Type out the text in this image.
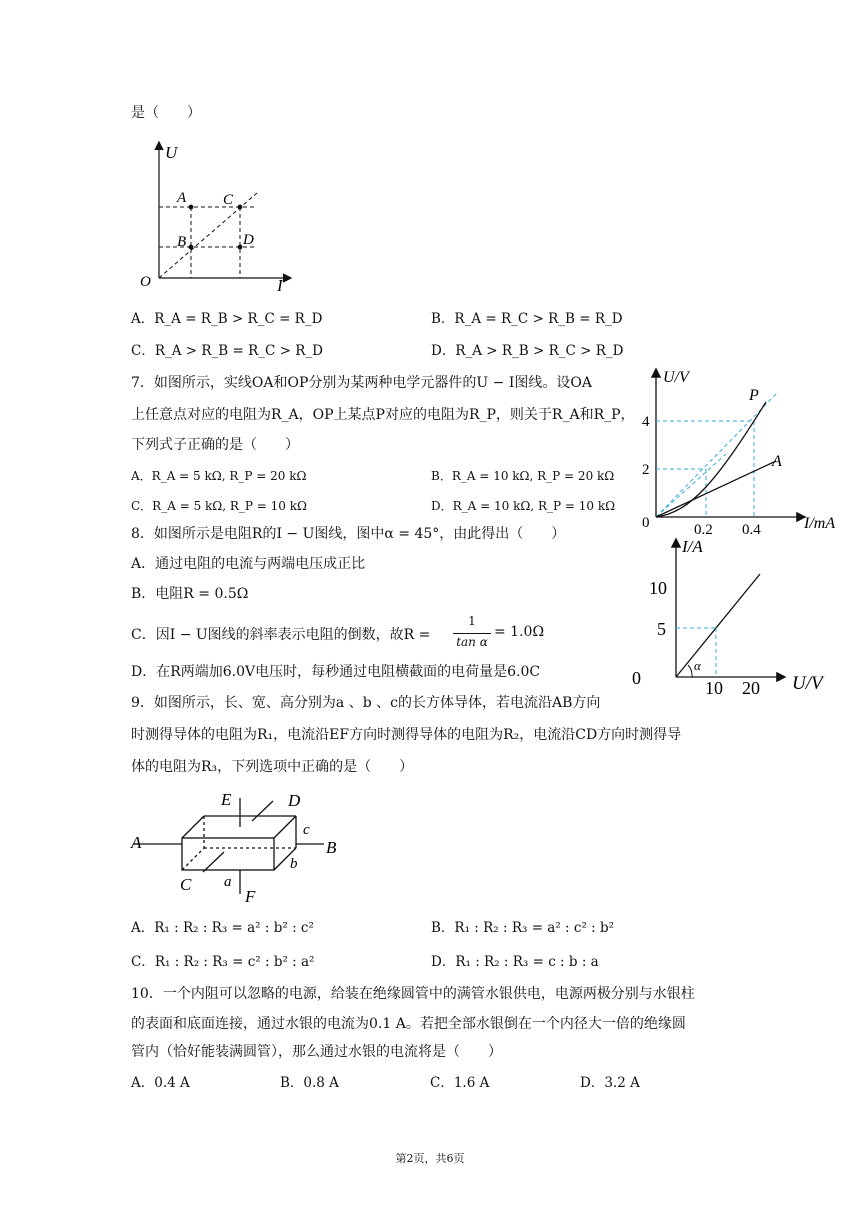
是（　　）
U
I
O
A C
B	D
A．R_A = R_B > R_C = R_D	B．R_A = R_C > R_B = R_D
C．R_A > R_B = R_C > R_D	D．R_A > R_B > R_C > R_D
7．如图所示，实线OA和OP分别为某两种电学元器件的U − I图线。设OA
上任意点对应的电阻为R_A，OP上某点P对应的电阻为R_P，则关于R_A和R_P，
下列式子正确的是（　　）
A．R_A = 5 kΩ, R_P = 20 kΩ	B．R_A = 10 kΩ, R_P = 20 kΩ
C．R_A = 5 kΩ, R_P = 10 kΩ	D．R_A = 10 kΩ, R_P = 10 kΩ
U/V
I/mA
P
A
4
2
0	0.2 0.4
8．如图所示是电阻R的I − U图线，图中α = 45°，由此得出（　　）
A．通过电阻的电流与两端电压成正比
B．电阻R = 0.5Ω
C．因I − U图线的斜率表示电阻的倒数，故R =
1
tan α
= 1.0Ω
D．在R两端加6.0V电压时，每秒通过电阻横截面的电荷量是6.0C	α
I/A
U/V
10
5
0	10 20
9．如图所示，长、宽、高分别为a 、b 、c的长方体导体，若电流沿AB方向
时测得导体的电阻为R₁，电流沿EF方向时测得导体的电阻为R₂，电流沿CD方向时测得导
体的电阻为R₃，下列选项中正确的是（　　）
A	B
C
D
E
F
a
b
c
A．R₁ : R₂ : R₃ = a² : b² : c²	B．R₁ : R₂ : R₃ = a² : c² : b²
C．R₁ : R₂ : R₃ = c² : b² : a²	D．R₁ : R₂ : R₃ = c : b : a
10．一个内阻可以忽略的电源，给装在绝缘圆管中的满管水银供电，电源两极分别与水银柱
的表面和底面连接，通过水银的电流为0.1 A。若把全部水银倒在一个内径大一倍的绝缘圆
管内（恰好能装满圆管），那么通过水银的电流将是（　　）
A．0.4 A	B．0.8 A	C．1.6 A	D．3.2 A
第2页，共6页
